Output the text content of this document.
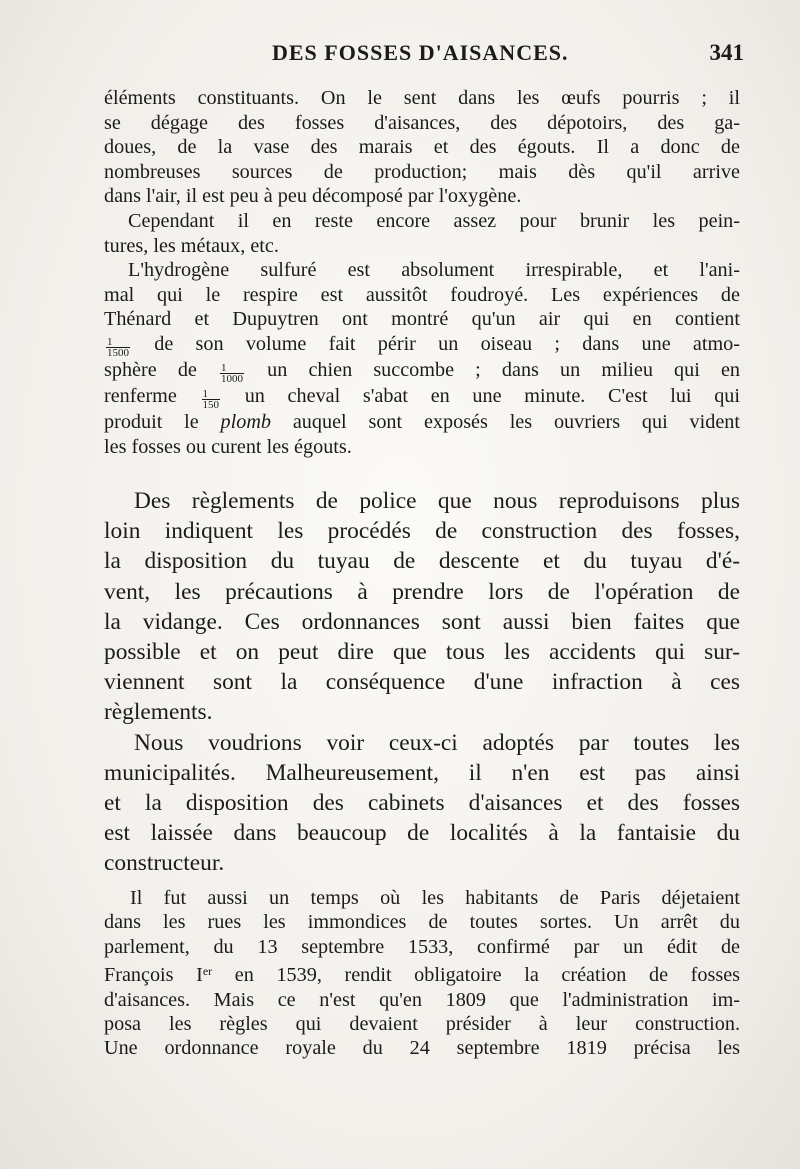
DES FOSSES D'AISANCES.	341

éléments constituants. On le sent dans les œufs pourris ; il
se dégage des fosses d'aisances, des dépotoirs, des ga-
doues, de la vase des marais et des égouts. Il a donc de
nombreuses sources de production; mais dès qu'il arrive
dans l'air, il est peu à peu décomposé par l'oxygène.

Cependant il en reste encore assez pour brunir les pein-
tures, les métaux, etc.

L'hydrogène sulfuré est absolument irrespirable, et l'ani-
mal qui le respire est aussitôt foudroyé. Les expériences de
Thénard et Dupuytren ont montré qu'un air qui en contient
$\frac{1}{1500}$ de son volume fait périr un oiseau ; dans une atmo-
sphère de $\frac{1}{1000}$ un chien succombe ; dans un milieu qui en
renferme $\frac{1}{150}$ un cheval s'abat en une minute. C'est lui qui
produit le plomb auquel sont exposés les ouvriers qui vident
les fosses ou curent les égouts.

Des règlements de police que nous reproduisons plus
loin indiquent les procédés de construction des fosses,
la disposition du tuyau de descente et du tuyau d'é-
vent, les précautions à prendre lors de l'opération de
la vidange. Ces ordonnances sont aussi bien faites que
possible et on peut dire que tous les accidents qui sur-
viennent sont la conséquence d'une infraction à ces
règlements.

Nous voudrions voir ceux-ci adoptés par toutes les
municipalités. Malheureusement, il n'en est pas ainsi
et la disposition des cabinets d'aisances et des fosses
est laissée dans beaucoup de localités à la fantaisie du
constructeur.

Il fut aussi un temps où les habitants de Paris déjetaient
dans les rues les immondices de toutes sortes. Un arrêt du
parlement, du 13 septembre 1533, confirmé par un édit de
François Ier en 1539, rendit obligatoire la création de fosses
d'aisances. Mais ce n'est qu'en 1809 que l'administration im-
posa les règles qui devaient présider à leur construction.
Une ordonnance royale du 24 septembre 1819 précisa les
